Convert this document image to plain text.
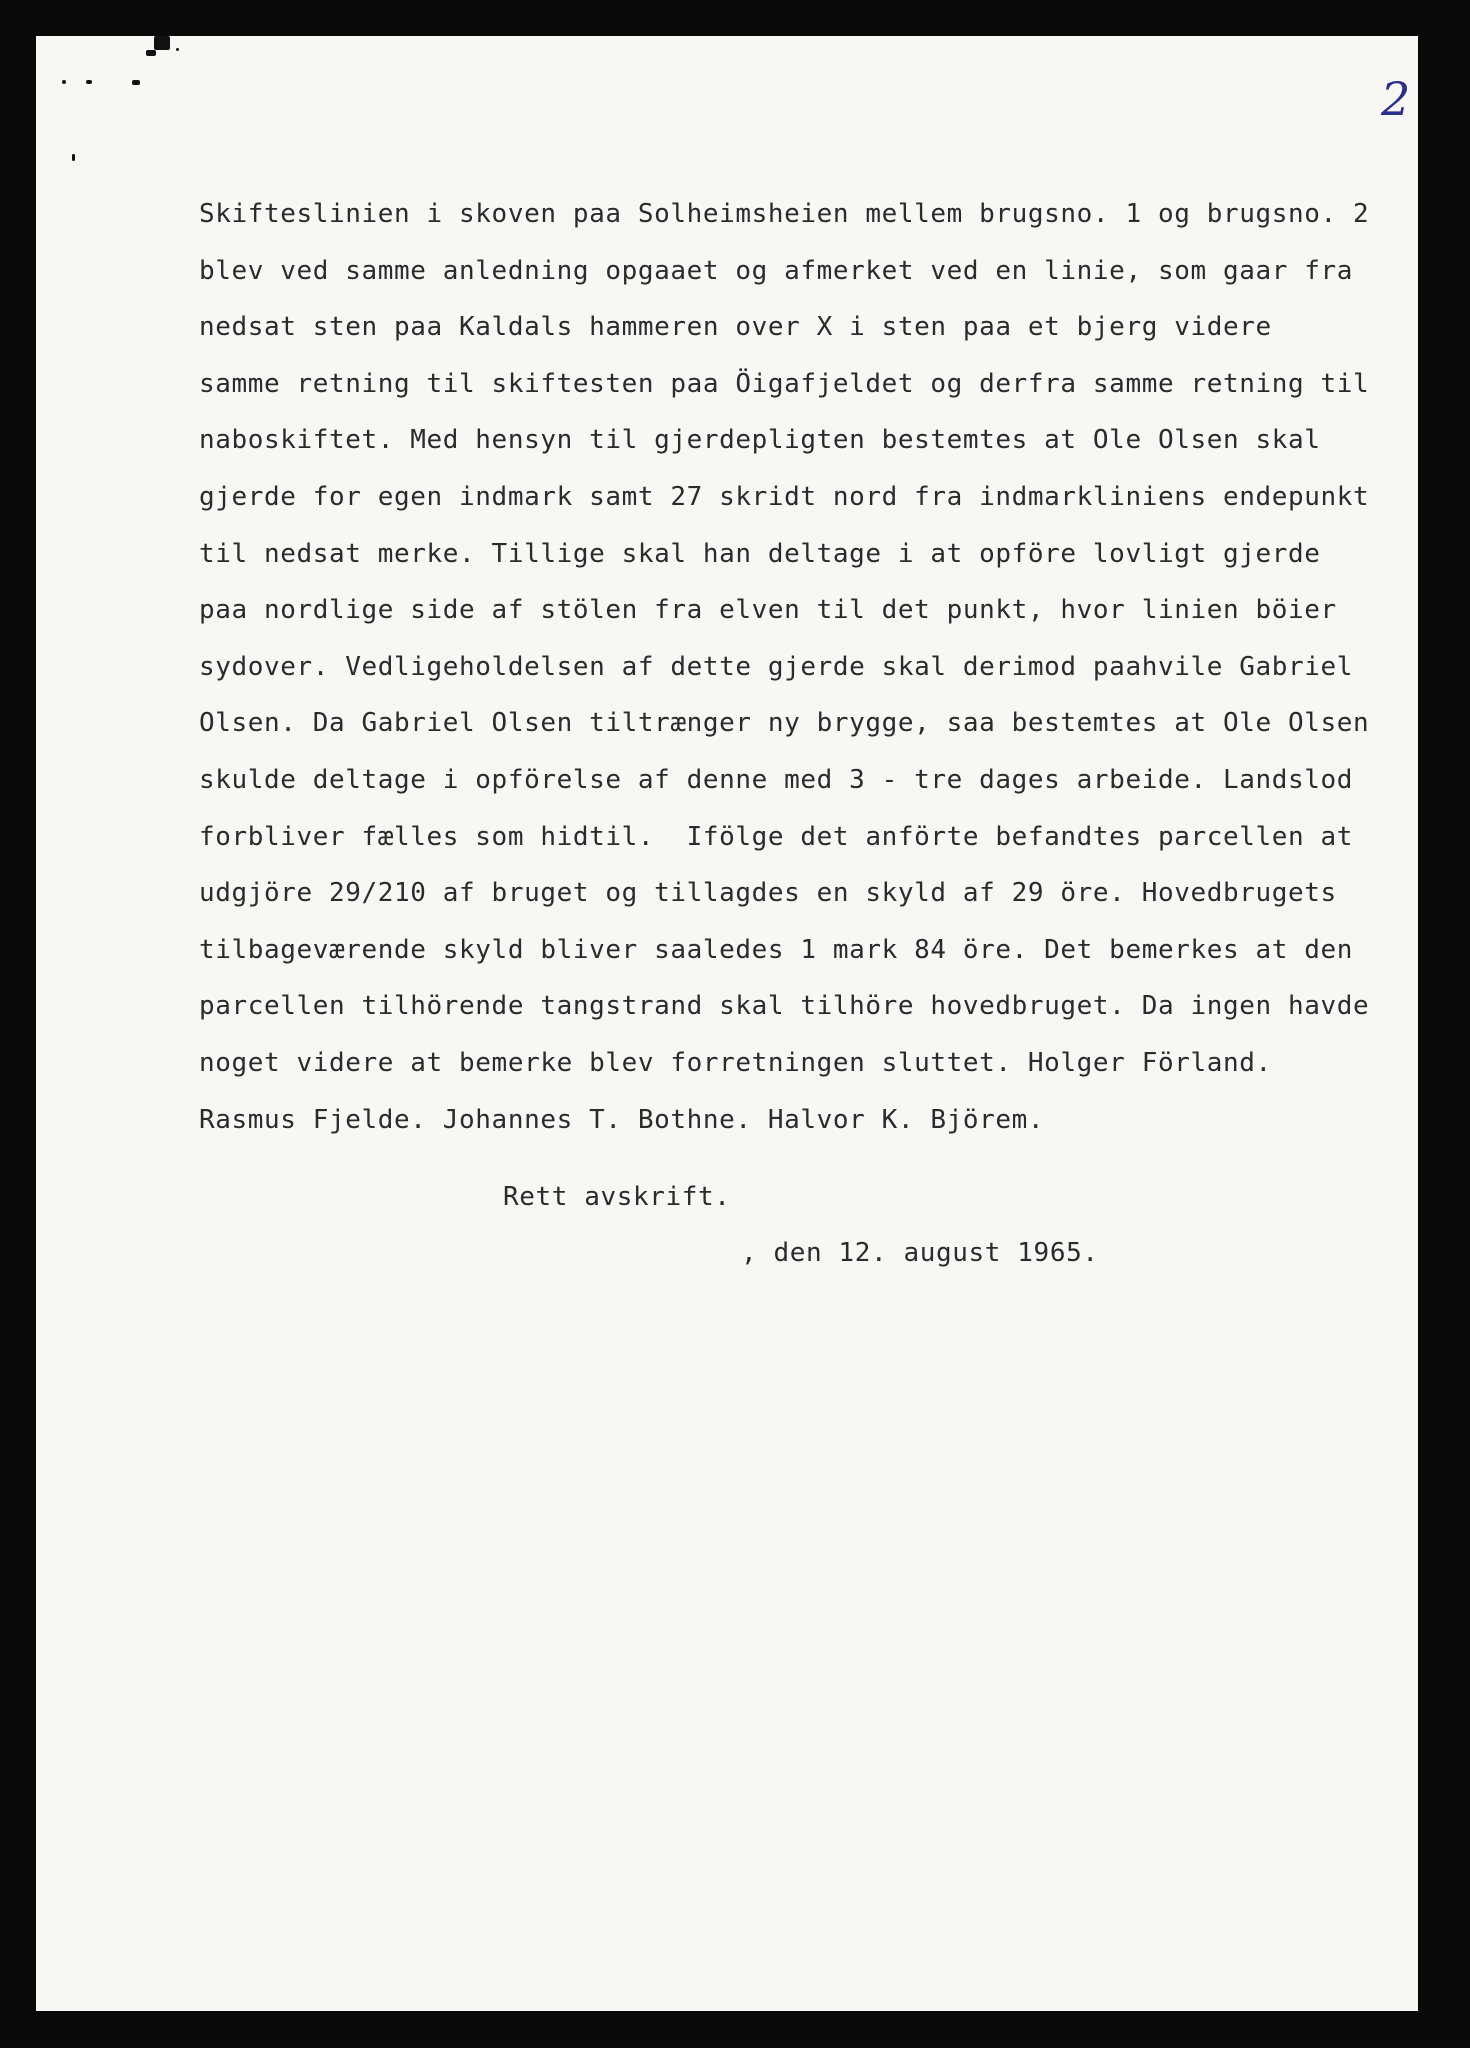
2
Skifteslinien i skoven paa Solheimsheien mellem brugsno. 1 og brugsno. 2
blev ved samme anledning opgaaet og afmerket ved en linie, som gaar fra
nedsat sten paa Kaldals hammeren over X i sten paa et bjerg videre
samme retning til skiftesten paa Öigafjeldet og derfra samme retning til
naboskiftet. Med hensyn til gjerdepligten bestemtes at Ole Olsen skal
gjerde for egen indmark samt 27 skridt nord fra indmarkliniens endepunkt
til nedsat merke. Tillige skal han deltage i at opföre lovligt gjerde
paa nordlige side af stölen fra elven til det punkt, hvor linien böier
sydover. Vedligeholdelsen af dette gjerde skal derimod paahvile Gabriel
Olsen. Da Gabriel Olsen tiltrænger ny brygge, saa bestemtes at Ole Olsen
skulde deltage i opförelse af denne med 3 - tre dages arbeide. Landslod
forbliver fælles som hidtil.  Ifölge det anförte befandtes parcellen at
udgjöre 29/210 af bruget og tillagdes en skyld af 29 öre. Hovedbrugets
tilbageværende skyld bliver saaledes 1 mark 84 öre. Det bemerkes at den
parcellen tilhörende tangstrand skal tilhöre hovedbruget. Da ingen havde
noget videre at bemerke blev forretningen sluttet. Holger Förland.
Rasmus Fjelde. Johannes T. Bothne. Halvor K. Björem.
Rett avskrift.
, den 12. august 1965.
